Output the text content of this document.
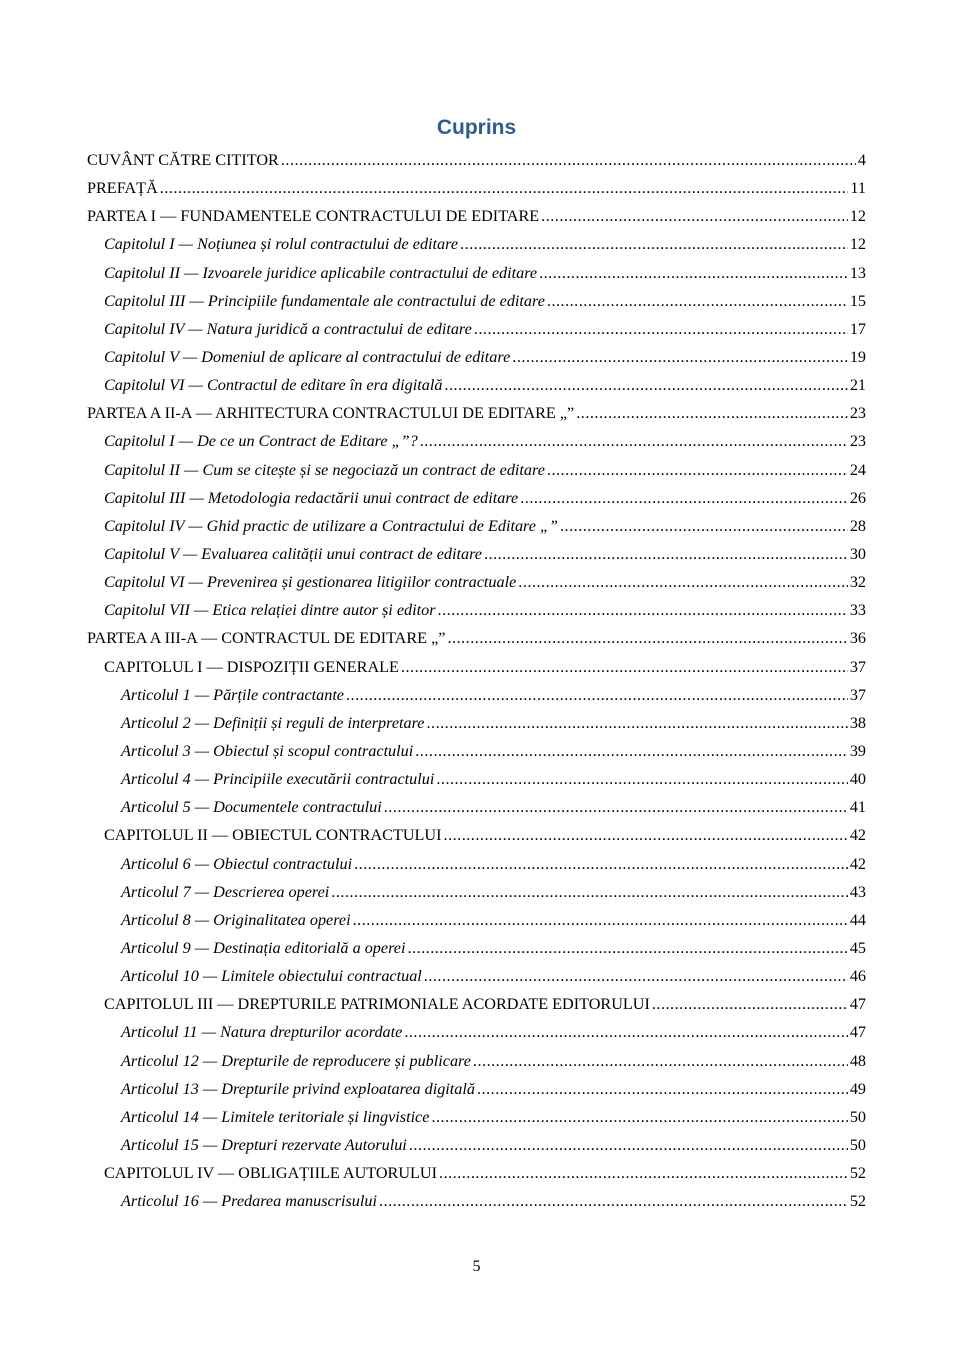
Cuprins
CUVÂNT CĂTRE CITITOR .....	4
PREFAȚĂ .....	11
PARTEA I — FUNDAMENTELE CONTRACTULUI DE EDITARE .....	12
Capitolul I — Noțiunea și rolul contractului de editare .....	12
Capitolul II — Izvoarele juridice aplicabile contractului de editare .....	13
Capitolul III — Principiile fundamentale ale contractului de editare .....	15
Capitolul IV — Natura juridică a contractului de editare .....	17
Capitolul V — Domeniul de aplicare al contractului de editare .....	19
Capitolul VI — Contractul de editare în era digitală .....	21
PARTEA A II-A — ARHITECTURA CONTRACTULUI DE EDITARE „” .....	23
Capitolul I — De ce un Contract de Editare „”? .....	23
Capitolul II — Cum se citește și se negociază un contract de editare .....	24
Capitolul III — Metodologia redactării unui contract de editare .....	26
Capitolul IV — Ghid practic de utilizare a Contractului de Editare „” .....	28
Capitolul V — Evaluarea calității unui contract de editare .....	30
Capitolul VI — Prevenirea și gestionarea litigiilor contractuale .....	32
Capitolul VII — Etica relației dintre autor și editor .....	33
PARTEA A III-A — CONTRACTUL DE EDITARE „” .....	36
CAPITOLUL I — DISPOZIȚII GENERALE .....	37
Articolul 1 — Părțile contractante .....	37
Articolul 2 — Definiții și reguli de interpretare .....	38
Articolul 3 — Obiectul și scopul contractului .....	39
Articolul 4 — Principiile executării contractului .....	40
Articolul 5 — Documentele contractului .....	41
CAPITOLUL II — OBIECTUL CONTRACTULUI .....	42
Articolul 6 — Obiectul contractului .....	42
Articolul 7 — Descrierea operei .....	43
Articolul 8 — Originalitatea operei .....	44
Articolul 9 — Destinația editorială a operei .....	45
Articolul 10 — Limitele obiectului contractual .....	46
CAPITOLUL III — DREPTURILE PATRIMONIALE ACORDATE EDITORULUI .....	47
Articolul 11 — Natura drepturilor acordate .....	47
Articolul 12 — Drepturile de reproducere și publicare .....	48
Articolul 13 — Drepturile privind exploatarea digitală .....	49
Articolul 14 — Limitele teritoriale și lingvistice .....	50
Articolul 15 — Drepturi rezervate Autorului .....	50
CAPITOLUL IV — OBLIGAȚIILE AUTORULUI .....	52
Articolul 16 — Predarea manuscrisului .....	52

5
